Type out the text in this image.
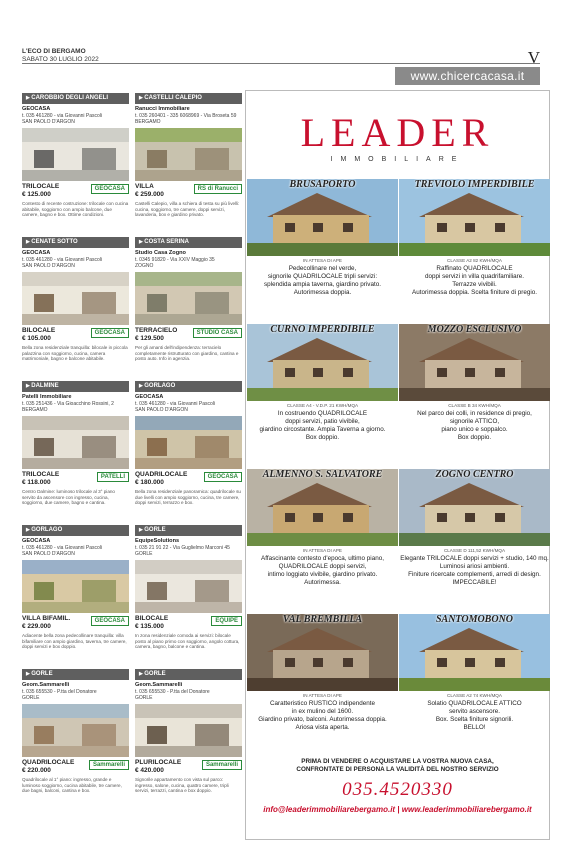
L'ECO DI BERGAMO
SABATO 30 LUGLIO 2022	V
www.chicercacasa.it
▶ CAROBBIO DEGLI ANGELI
GEOCASA
t. 035 461280 - via Giovanni Pascoli
SAN PAOLO D'ARGON
TRILOCALE
€ 125.000
GEOCASA
Contesto di recente costruzione: trilocale con cucina abitabile, soggiorno con ampio balcone, due camere, bagno e box. Ottime condizioni.
▶ CASTELLI CALEPIO
Ranucci Immobiliare
t. 035 260401 - 335 6068969 - Via Broseta 59
BERGAMO
VILLA
€ 259.000
RS di Ranucci
Castelli Calepio, villa a schiera di testa su più livelli: cucina, soggiorno, tre camere, doppi servizi, lavanderia, box e giardino privato.
▶ CENATE SOTTO
GEOCASA
t. 035 461280 - via Giovanni Pascoli
SAN PAOLO D'ARGON
BILOCALE
€ 105.000
GEOCASA
Bella zona residenziale tranquilla: bilocale in piccola palazzina con soggiorno, cucina, camera matrimoniale, bagno e balcone abitabile.
▶ COSTA SERINA
Studio Casa Zogno
t. 0345 91820 - Via XXIV Maggio 35
ZOGNO
TERRACIELO
€ 129.500
STUDIO CASA
Per gli amanti dell'indipendenza: terracielo completamente ristrutturato con giardino, cantina e posto auto. Info in agenzia.
▶ DALMINE
Patelli Immobiliare
t. 035 251436 - Via Gioacchino Rossini, 2
BERGAMO
TRILOCALE
€ 118.000
PATELLI
Centro Dalmine: luminoso trilocale al 3° piano servito da ascensore con ingresso, cucina, soggiorno, due camere, bagno e cantina.
▶ GORLAGO
GEOCASA
t. 035 461280 - via Giovanni Pascoli
SAN PAOLO D'ARGON
QUADRILOCALE
€ 180.000
GEOCASA
Bella zona residenziale panoramica: quadrilocale su due livelli con ampio soggiorno, cucina, tre camere, doppi servizi, terrazzo e box.
▶ GORLAGO
GEOCASA
t. 035 461280 - via Giovanni Pascoli
SAN PAOLO D'ARGON
VILLA BIFAMIL.
€ 229.000
GEOCASA
Adiacente bella zona pedecollinare tranquilla: villa bifamiliare con ampio giardino, taverna, tre camere, doppi servizi e box doppio.
▶ GORLE
EquipeSolutions
t. 035 21 91 22 - Via Guglielmo Marconi 45
GORLE
BILOCALE
€ 135.000
EQUIPE
In zona residenziale comoda ai servizi: bilocale posto al piano primo con soggiorno, angolo cottura, camera, bagno, balcone e cantina.
▶ GORLE
Geom.Sammarelli
t. 035 655530 - P.tta del Donatore
GORLE
QUADRILOCALE
€ 220.000
Sammarelli
Quadrilocale al 1° piano: ingresso, grande e luminoso soggiorno, cucina abitabile, tre camere, due bagni, balconi, cantina e box.
▶ GORLE
Geom.Sammarelli
t. 035 655530 - P.tta del Donatore
GORLE
PLURILOCALE
€ 420.000
Sammarelli
Signorile appartamento con vista sul parco: ingresso, salone, cucina, quattro camere, tripli servizi, terrazzi, cantina e box doppio.
LEADER
IMMOBILIARE
BRUSAPORTO
IN ATTESA DI APE
Pedecollinare nel verde,
signorile QUADRILOCALE tripli servizi:
splendida ampia taverna, giardino privato.
Autorimessa doppia.
TREVIOLO IMPERDIBILE
CLASSE A2 82 KWH/MQA
Raffinato QUADRILOCALE
doppi servizi in villa quadrifamiliare.
Terrazze vivibili.
Autorimessa doppia. Scelta finiture di pregio.
CURNO IMPERDIBILE
CLASSE A4 - V.D.P. 21 KWH/MQA
In costruendo QUADRILOCALE
doppi servizi, patio vivibile,
giardino circostante. Ampia Taverna a giorno.
Box doppio.
MOZZO ESCLUSIVO
CLASSE B 34 KWH/MQA
Nel parco dei colli, in residence di pregio,
signorile ATTICO,
piano unico e soppalco.
Box doppio.
ALMENNO S. SALVATORE
IN ATTESA DI APE
Affascinante contesto d'epoca, ultimo piano,
QUADRILOCALE doppi servizi,
intimo loggiato vivibile, giardino privato.
Autorimessa.
ZOGNO CENTRO
CLASSE D 111,52 KWH/MQA
Elegante TRILOCALE doppi servizi + studio, 140 mq.
Luminosi ariosi ambienti.
Finiture ricercate complementi, arredi di design.
IMPECCABILE!
VAL BREMBILLA
IN ATTESA DI APE
Caratteristico RUSTICO indipendente
in ex mulino del 1600.
Giardino privato, balconi. Autorimessa doppia.
Ariosa vista aperta.
SANTOMOBONO
CLASSE A2 74 KWH/MQA
Solatio QUADRILOCALE ATTICO
servito ascensore.
Box. Scelta finiture signorili.
BELLO!
PRIMA DI VENDERE O ACQUISTARE LA VOSTRA NUOVA CASA,
CONFRONTATE DI PERSONA LA VALIDITÀ DEL NOSTRO SERVIZIO
035.4520330
info@leaderimmobiliarebergamo.it | www.leaderimmobiliarebergamo.it
